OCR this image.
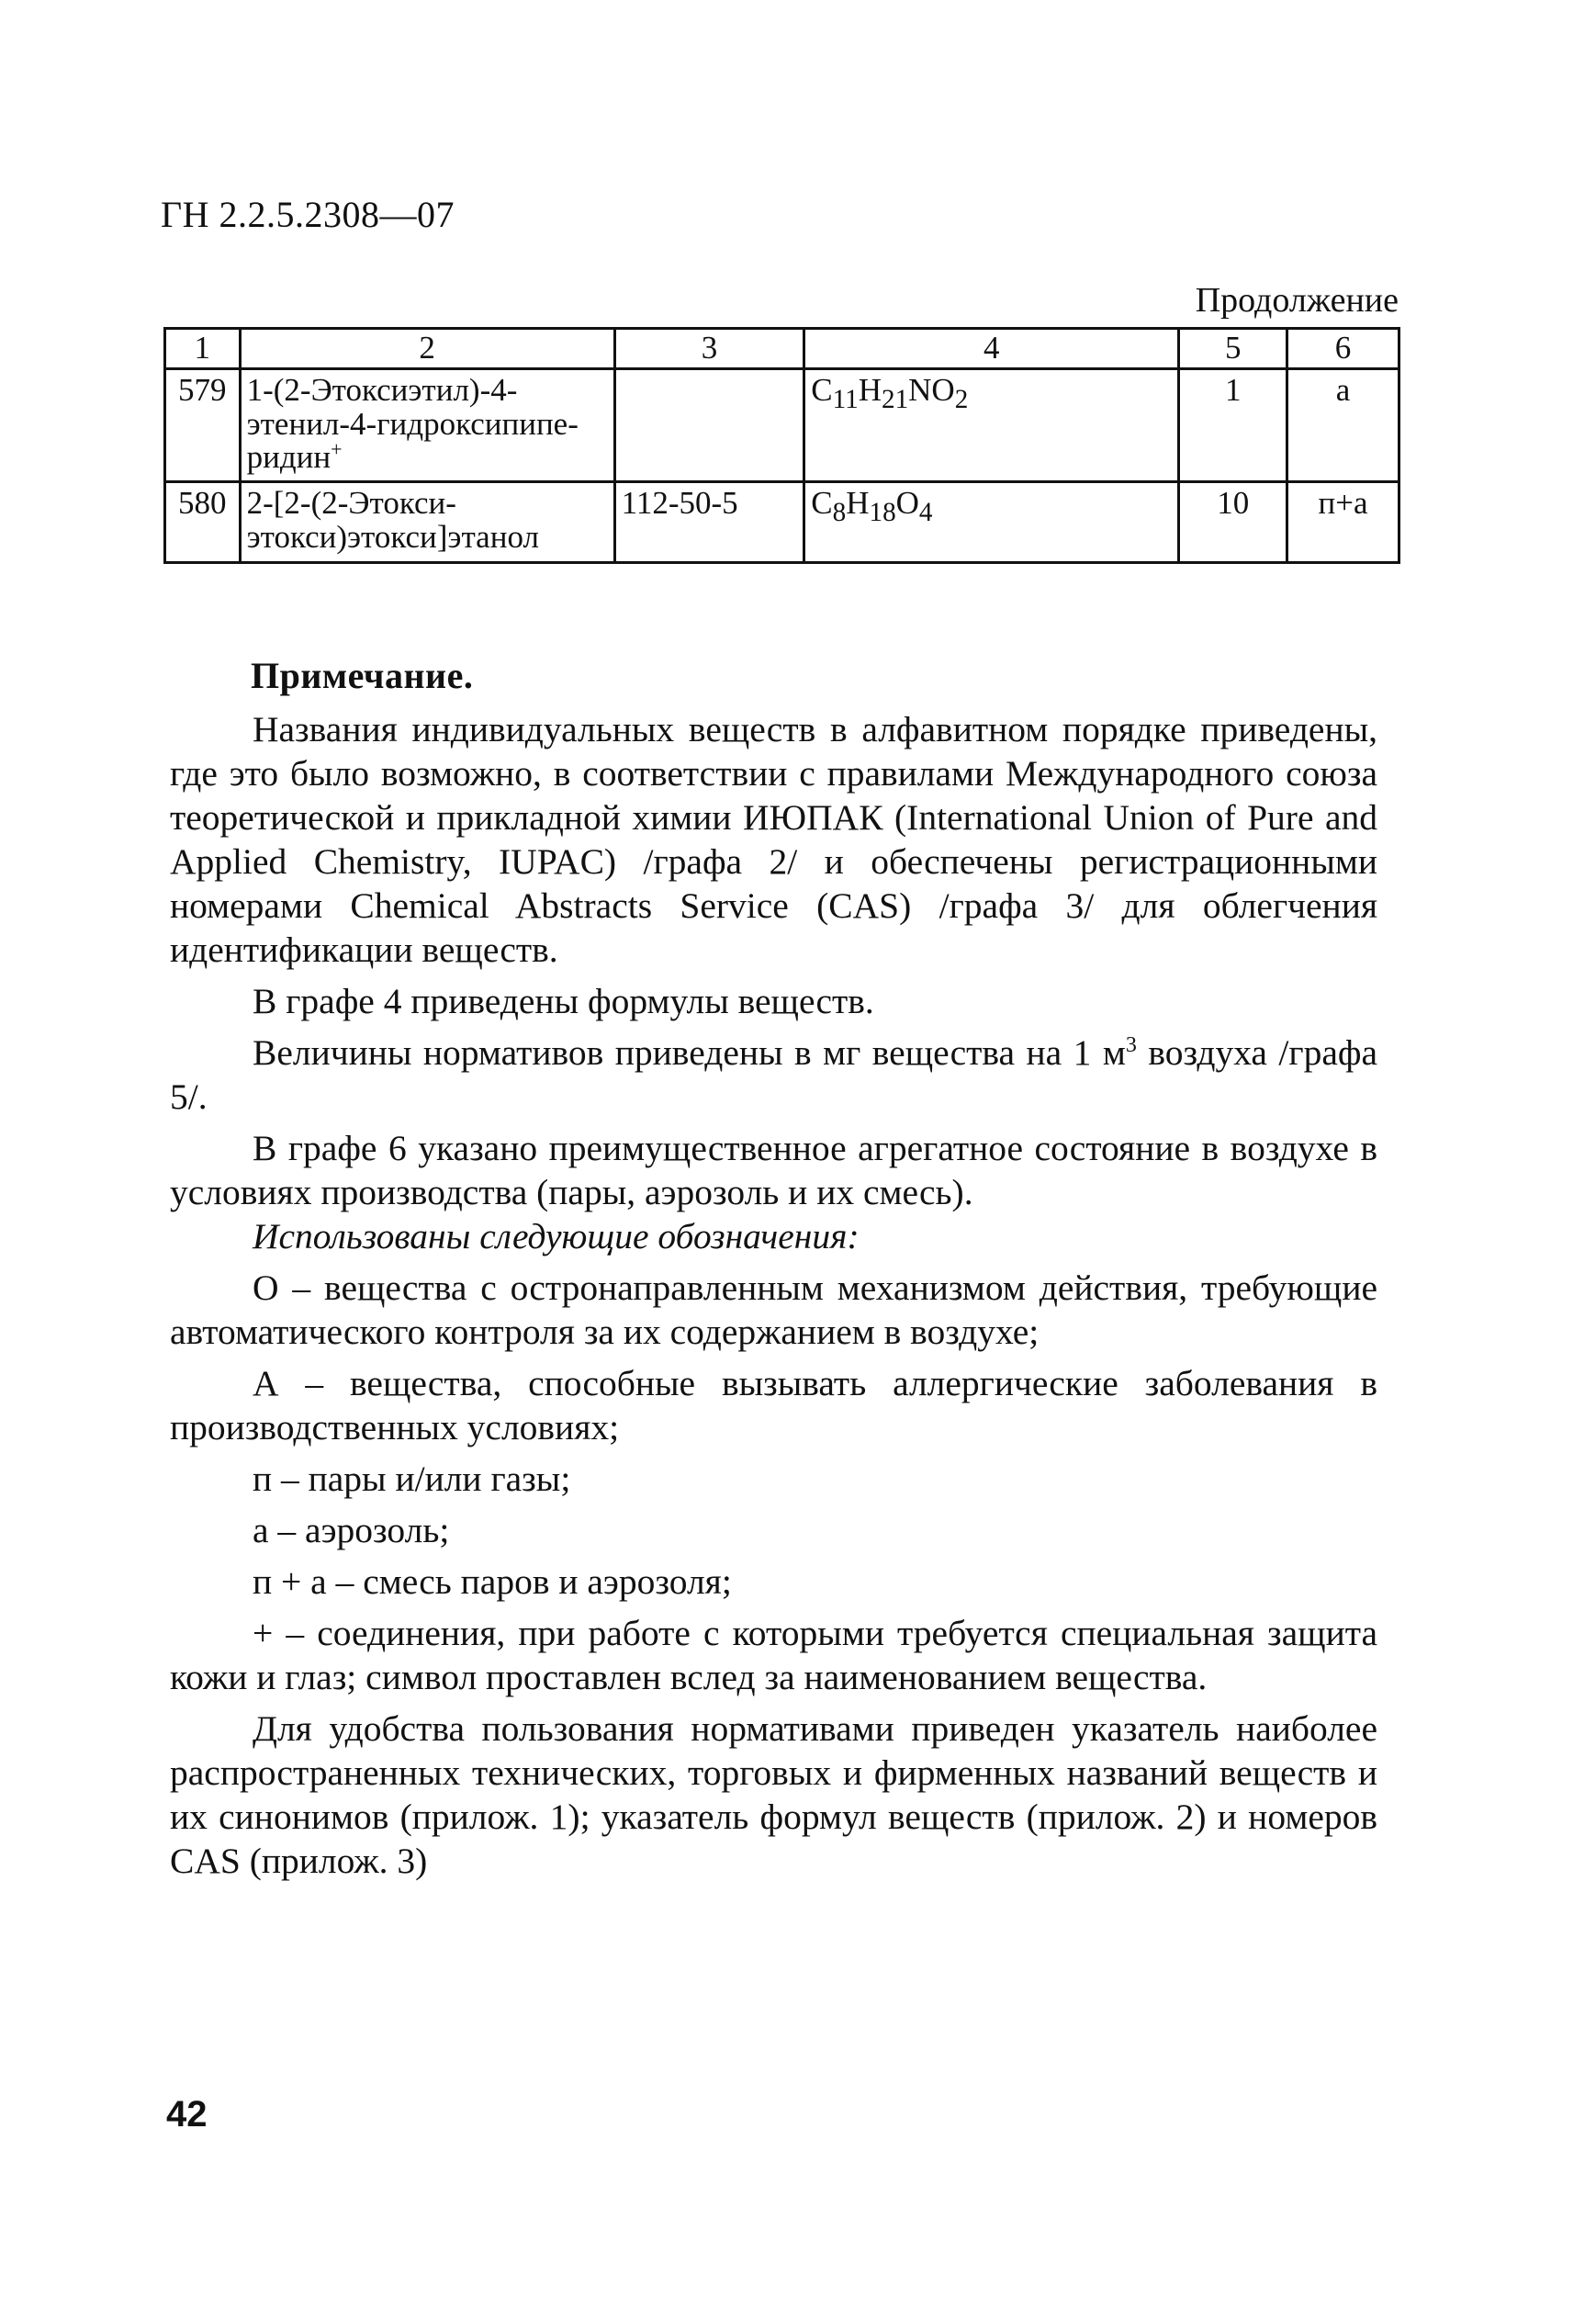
ГН 2.2.5.2308—07
Продолжение
1	2	3	4	5	6
579	1-(2-Этоксиэтил)-4-
этенил-4-гидроксипипе-
ридин+		$C_{11}H_{21}NO_2$	1	а
580	2-[2-(2-Этокси-
этокси)этокси]этанол	112-50-5	$C_8H_{18}O_4$	10	п+а
Примечание.

Названия индивидуальных веществ в алфавитном порядке приведены, где это было возможно, в соответствии с правилами Международного союза теоретической и прикладной химии ИЮПАК (International Union of Pure and Applied Chemistry, IUPAC) /графа 2/ и обеспечены регистрационными номерами Chemical Abstracts Service (CAS) /графа 3/ для облегчения идентификации веществ.

В графе 4 приведены формулы веществ.

Величины нормативов приведены в мг вещества на 1 $м^3$ воздуха /графа 5/.

В графе 6 указано преимущественное агрегатное состояние в воздухе в условиях производства (пары, аэрозоль и их смесь).

Использованы следующие обозначения:

О – вещества с остронаправленным механизмом действия, требующие автоматического контроля за их содержанием в воздухе;

А – вещества, способные вызывать аллергические заболевания в производственных условиях;

п – пары и/или газы;

а – аэрозоль;

п + а – смесь паров и аэрозоля;

+ – соединения, при работе с которыми требуется специальная защита кожи и глаз; символ проставлен вслед за наименованием вещества.

Для удобства пользования нормативами приведен указатель наиболее распространенных технических, торговых и фирменных названий веществ и их синонимов (прилож. 1); указатель формул веществ (прилож. 2) и номеров CAS (прилож. 3)

42
